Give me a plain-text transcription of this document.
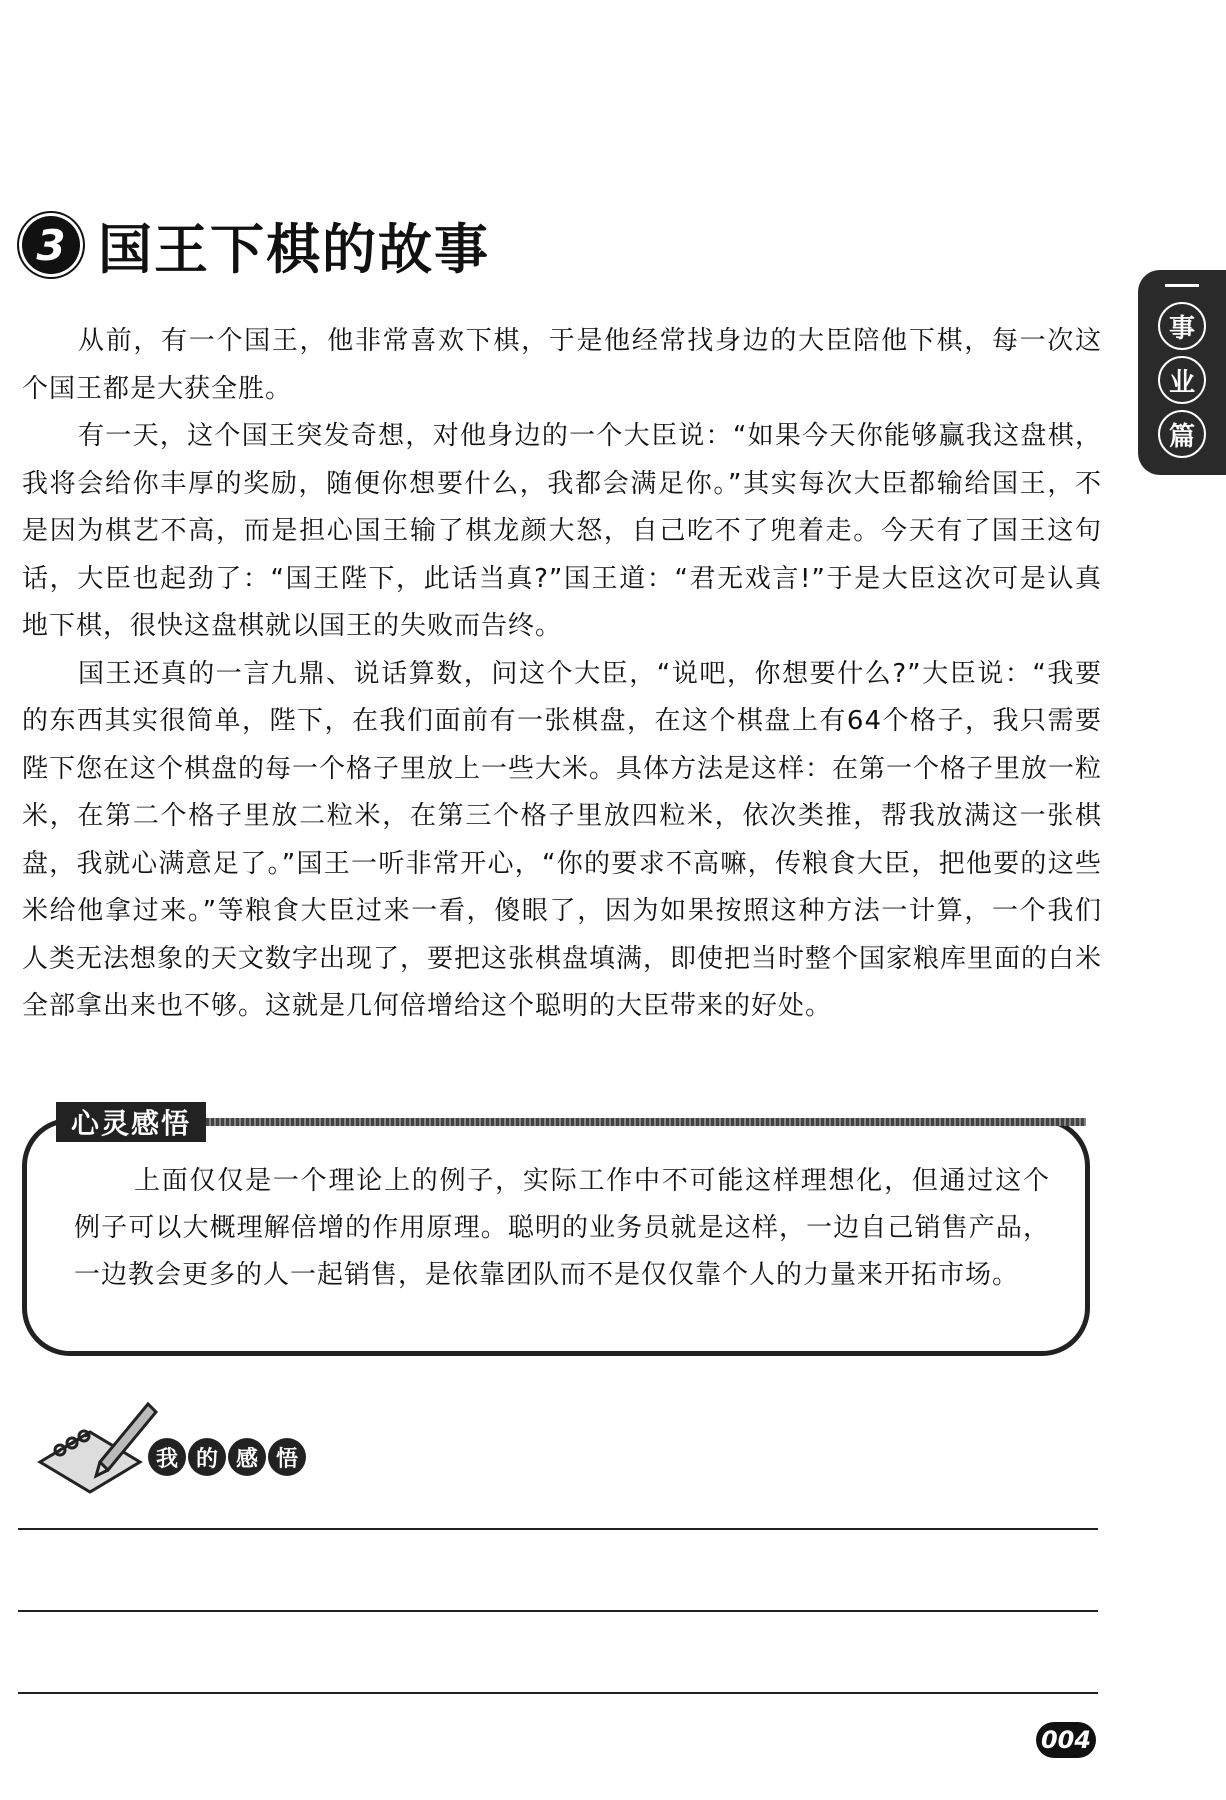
3 国王下棋的故事
事
业
篇

从前，有一个国王，他非常喜欢下棋，于是他经常找身边的大臣陪他下棋，每一次这个国王都是大获全胜。

有一天，这个国王突发奇想，对他身边的一个大臣说：“如果今天你能够赢我这盘棋，我将会给你丰厚的奖励，随便你想要什么，我都会满足你。”其实每次大臣都输给国王，不是因为棋艺不高，而是担心国王输了棋龙颜大怒，自己吃不了兜着走。今天有了国王这句话，大臣也起劲了：“国王陛下，此话当真?”国王道：“君无戏言!”于是大臣这次可是认真地下棋，很快这盘棋就以国王的失败而告终。

国王还真的一言九鼎、说话算数，问这个大臣，“说吧，你想要什么?”大臣说：“我要的东西其实很简单，陛下，在我们面前有一张棋盘，在这个棋盘上有64个格子，我只需要陛下您在这个棋盘的每一个格子里放上一些大米。具体方法是这样：在第一个格子里放一粒米，在第二个格子里放二粒米，在第三个格子里放四粒米，依次类推，帮我放满这一张棋盘，我就心满意足了。”国王一听非常开心，“你的要求不高嘛，传粮食大臣，把他要的这些米给他拿过来。”等粮食大臣过来一看，傻眼了，因为如果按照这种方法一计算，一个我们人类无法想象的天文数字出现了，要把这张棋盘填满，即使把当时整个国家粮库里面的白米全部拿出来也不够。这就是几何倍增给这个聪明的大臣带来的好处。

心灵感悟

上面仅仅是一个理论上的例子，实际工作中不可能这样理想化，但通过这个例子可以大概理解倍增的作用原理。聪明的业务员就是这样，一边自己销售产品，一边教会更多的人一起销售，是依靠团队而不是仅仅靠个人的力量来开拓市场。

我 的 感 悟
004
